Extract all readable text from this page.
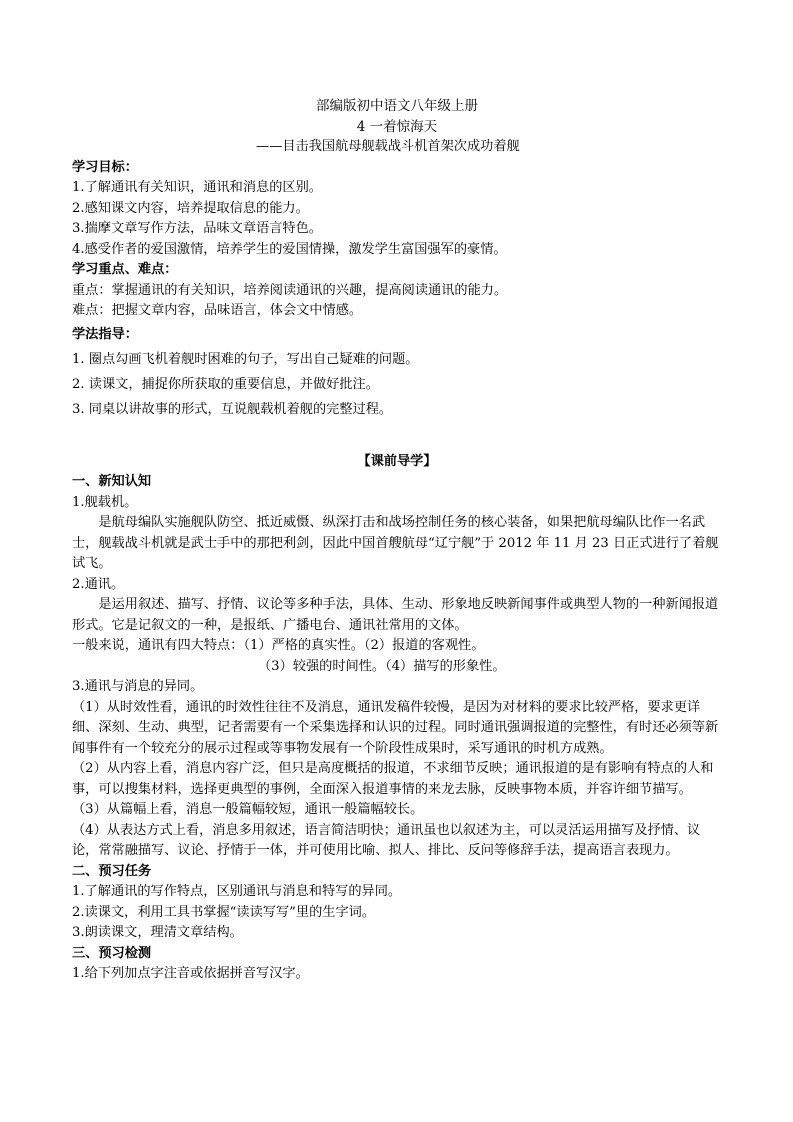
部编版初中语文八年级上册

4 一着惊海天

——目击我国航母舰载战斗机首架次成功着舰

学习目标：

1.了解通讯有关知识，通讯和消息的区别。

2.感知课文内容，培养提取信息的能力。

3.揣摩文章写作方法，品味文章语言特色。

4.感受作者的爱国激情，培养学生的爱国情操，激发学生富国强军的豪情。

学习重点、难点：

重点：掌握通讯的有关知识，培养阅读通讯的兴趣，提高阅读通讯的能力。

难点：把握文章内容，品味语言，体会文中情感。

学法指导：

1. 圈点勾画飞机着舰时困难的句子，写出自己疑难的问题。

2. 读课文，捕捉你所获取的重要信息，并做好批注。

3. 同桌以讲故事的形式，互说舰载机着舰的完整过程。

【课前导学】

一、新知认知

1.舰载机。

是航母编队实施舰队防空、抵近威慑、纵深打击和战场控制任务的核心装备，如果把航母编队比作一名武士，舰载战斗机就是武士手中的那把利剑，因此中国首艘航母“辽宁舰”于 2012 年 11 月 23 日正式进行了着舰试飞。

2.通讯。

是运用叙述、描写、抒情、议论等多种手法，具体、生动、形象地反映新闻事件或典型人物的一种新闻报道形式。它是记叙文的一种，是报纸、广播电台、通讯社常用的文体。

一般来说，通讯有四大特点：（1）严格的真实性。（2）报道的客观性。

（3）较强的时间性。（4）描写的形象性。

3.通讯与消息的异同。

（1）从时效性看，通讯的时效性往往不及消息，通讯发稿件较慢，是因为对材料的要求比较严格，要求更详细、深刻、生动、典型，记者需要有一个采集选择和认识的过程。同时通讯强调报道的完整性，有时还必须等新闻事件有一个较充分的展示过程或等事物发展有一个阶段性成果时，采写通讯的时机方成熟。

（2）从内容上看，消息内容广泛，但只是高度概括的报道，不求细节反映；通讯报道的是有影响有特点的人和事，可以搜集材料，选择更典型的事例，全面深入报道事情的来龙去脉，反映事物本质，并容许细节描写。

（3）从篇幅上看，消息一般篇幅较短，通讯一般篇幅较长。

（4）从表达方式上看，消息多用叙述，语言简洁明快；通讯虽也以叙述为主，可以灵活运用描写及抒情、议论，常常融描写、议论、抒情于一体，并可使用比喻、拟人、排比、反问等修辞手法，提高语言表现力。

二、预习任务

1.了解通讯的写作特点，区别通讯与消息和特写的异同。

2.读课文，利用工具书掌握“读读写写”里的生字词。

3.朗读课文，理清文章结构。

三、预习检测

1.给下列加点字注音或依据拼音写汉字。
